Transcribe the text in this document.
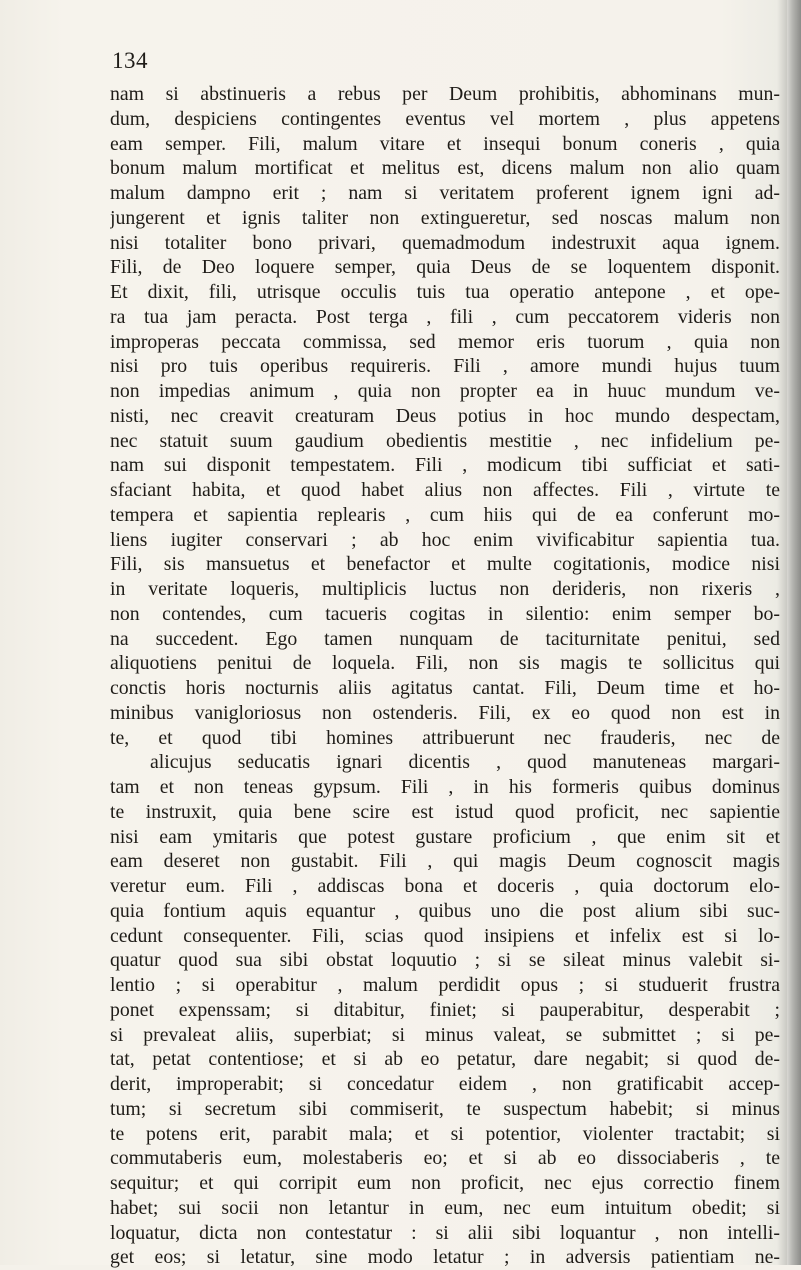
134
nam si abstinueris a rebus per Deum prohibitis, abhominans mun-
dum, despiciens contingentes eventus vel mortem , plus appetens
eam semper. Fili, malum vitare et insequi bonum coneris , quia
bonum malum mortificat et melitus est, dicens malum non alio quam
malum dampno erit ; nam si veritatem proferent ignem igni ad-
jungerent et ignis taliter non extingueretur, sed noscas malum non
nisi totaliter bono privari, quemadmodum indestruxit aqua ignem.
Fili, de Deo loquere semper, quia Deus de se loquentem disponit.
Et dixit, fili, utrisque occulis tuis tua operatio antepone , et ope-
ra tua jam peracta. Post terga , fili , cum peccatorem videris non
improperas peccata commissa, sed memor eris tuorum , quia non
nisi pro tuis operibus requireris. Fili , amore mundi hujus tuum
non impedias animum , quia non propter ea in huuc mundum ve-
nisti, nec creavit creaturam Deus potius in hoc mundo despectam,
nec statuit suum gaudium obedientis mestitie , nec infidelium pe-
nam sui disponit tempestatem. Fili , modicum tibi sufficiat et sati-
sfaciant habita, et quod habet alius non affectes. Fili , virtute te
tempera et sapientia replearis , cum hiis qui de ea conferunt mo-
liens iugiter conservari ; ab hoc enim vivificabitur sapientia tua.
Fili, sis mansuetus et benefactor et multe cogitationis, modice nisi
in veritate loqueris, multiplicis luctus non derideris, non rixeris ,
non contendes, cum tacueris cogitas in silentio: enim semper bo-
na succedent. Ego tamen nunquam de taciturnitate penitui, sed
aliquotiens penitui de loquela. Fili, non sis magis te sollicitus qui
conctis horis nocturnis aliis agitatus cantat. Fili, Deum time et ho-
minibus vanigloriosus non ostenderis. Fili, ex eo quod non est in
te, et quod tibi homines attribuerunt nec frauderis, nec de
alicujus seducatis ignari dicentis , quod manuteneas margari-
tam et non teneas gypsum. Fili , in his formeris quibus dominus
te instruxit, quia bene scire est istud quod proficit, nec sapientie
nisi eam ymitaris que potest gustare proficium , que enim sit et
eam deseret non gustabit. Fili , qui magis Deum cognoscit magis
veretur eum. Fili , addiscas bona et doceris , quia doctorum elo-
quia fontium aquis equantur , quibus uno die post alium sibi suc-
cedunt consequenter. Fili, scias quod insipiens et infelix est si lo-
quatur quod sua sibi obstat loquutio ; si se sileat minus valebit si-
lentio ; si operabitur , malum perdidit opus ; si studuerit frustra
ponet expenssam; si ditabitur, finiet; si pauperabitur, desperabit ;
si prevaleat aliis, superbiat; si minus valeat, se submittet ; si pe-
tat, petat contentiose; et si ab eo petatur, dare negabit; si quod de-
derit, improperabit; si concedatur eidem , non gratificabit accep-
tum; si secretum sibi commiserit, te suspectum habebit; si minus
te potens erit, parabit mala; et si potentior, violenter tractabit; si
commutaberis eum, molestaberis eo; et si ab eo dissociaberis , te
sequitur; et qui corripit eum non proficit, nec ejus correctio finem
habet; sui socii non letantur in eum, nec eum intuitum obedit; si
loquatur, dicta non contestatur : si alii sibi loquantur , non intelli-
get eos; si letatur, sine modo letatur ; in adversis patientiam ne-
